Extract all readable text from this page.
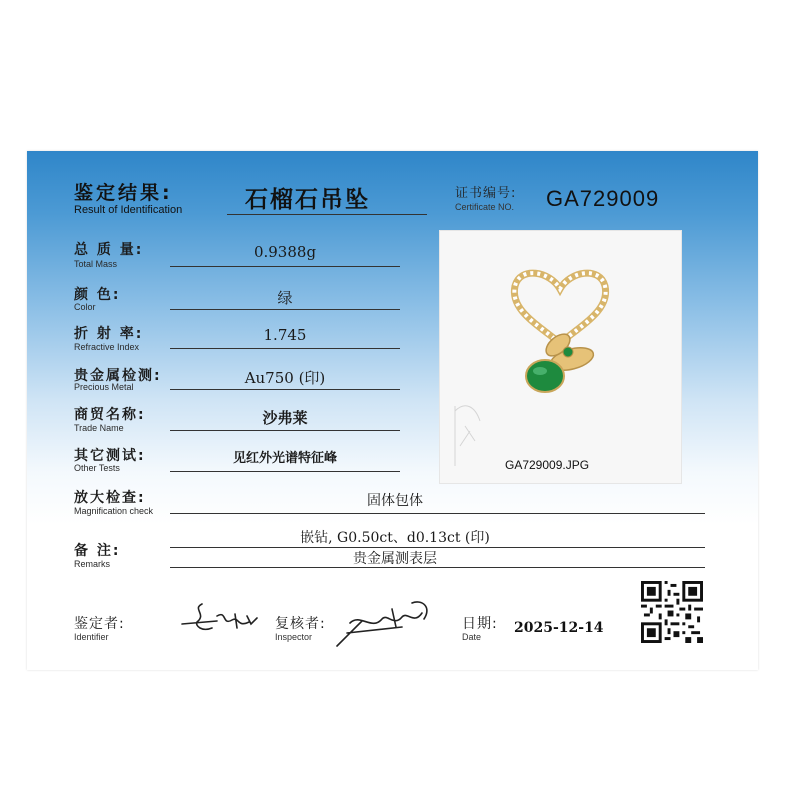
鉴定结果:
Result of Identification	石榴石吊坠	证书编号:
Certificate NO. GA729009
总 质 量:
Total Mass
0.9388g
颜 色:
Color	绿
折 射 率:
Refractive Index
1.745
贵金属检测:
Precious Metal	Au750 (印)
商贸名称:
Trade Name
沙弗莱
其它测试:
Other Tests
见红外光谱特征峰
放大检查:
Magnification check
固体包体
备 注:
Remarks
嵌钻, G0.50ct、d0.13ct (印)
贵金属测表层
GA729009.JPG
鉴定者:
Identifier
复核者:
Inspector
日期:
Date
2025-12-14
